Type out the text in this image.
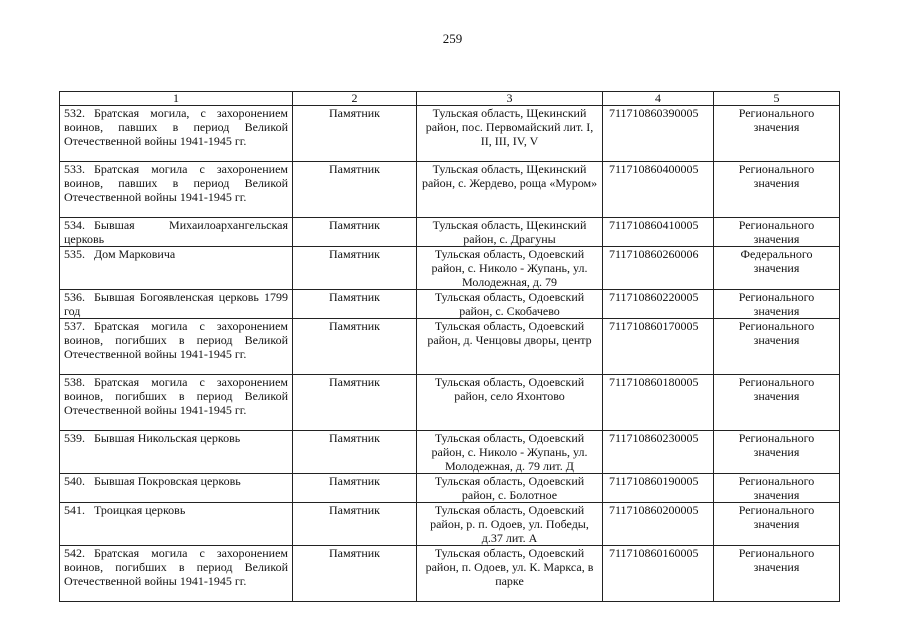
259
1	2	3	4	5
532. Братская могила, с захоронением воинов, павших в период Великой Отечественной войны 1941-1945 гг.	Памятник	Тульская область, Щекинский район, пос. Первомайский лит. I, II, III, IV, V	711710860390005	Регионального значения
533. Братская могила с захоронением воинов, павших в период Великой Отечественной войны 1941-1945 гг.	Памятник	Тульская область, Щекинский район, с. Жердево, роща «Муром»	711710860400005	Регионального значения
534. Бывшая Михаилоархангельская церковь	Памятник	Тульская область, Щекинский район, с. Драгуны	711710860410005	Регионального значения
535. Дом Марковича	Памятник	Тульская область, Одоевский район, с. Николо - Жупань, ул. Молодежная, д. 79	711710860260006	Федерального значения
536. Бывшая Богоявленская церковь 1799 год	Памятник	Тульская область, Одоевский район, с. Скобачево	711710860220005	Регионального значения
537. Братская могила с захоронением воинов, погибших в период Великой Отечественной войны 1941-1945 гг.	Памятник	Тульская область, Одоевский район, д. Ченцовы дворы, центр	711710860170005	Регионального значения
538. Братская могила с захоронением воинов, погибших в период Великой Отечественной войны 1941-1945 гг.	Памятник	Тульская область, Одоевский район, село Яхонтово	711710860180005	Регионального значения
539. Бывшая Никольская церковь	Памятник	Тульская область, Одоевский район, с. Николо - Жупань, ул. Молодежная, д. 79 лит. Д	711710860230005	Регионального значения
540. Бывшая Покровская церковь	Памятник	Тульская область, Одоевский район, с. Болотное	711710860190005	Регионального значения
541. Троицкая церковь	Памятник	Тульская область, Одоевский район, р. п. Одоев, ул. Победы, д.37 лит. А	711710860200005	Регионального значения
542. Братская могила с захоронением воинов, погибших в период Великой Отечественной войны 1941-1945 гг.	Памятник	Тульская область, Одоевский район, п. Одоев, ул. К. Маркса, в парке	711710860160005	Регионального значения
